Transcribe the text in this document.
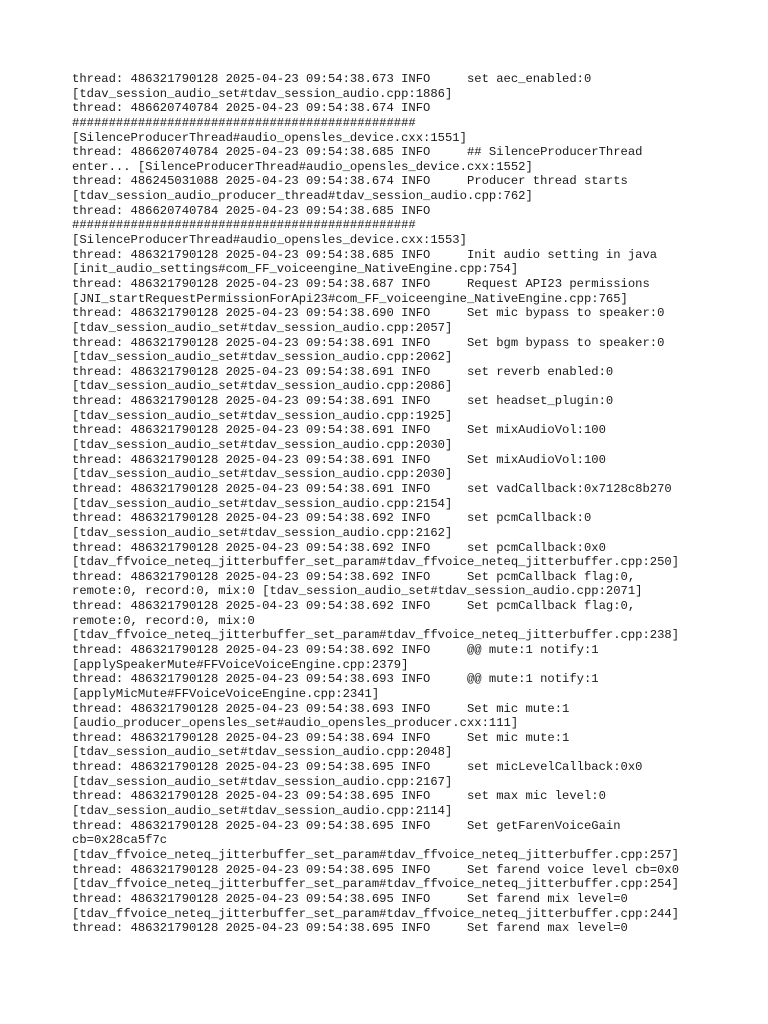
thread: 486321790128 2025-04-23 09:54:38.673 INFO     set aec_enabled:0
[tdav_session_audio_set#tdav_session_audio.cpp:1886]
thread: 486620740784 2025-04-23 09:54:38.674 INFO
###############################################
[SilenceProducerThread#audio_opensles_device.cxx:1551]
thread: 486620740784 2025-04-23 09:54:38.685 INFO     ## SilenceProducerThread
enter... [SilenceProducerThread#audio_opensles_device.cxx:1552]
thread: 486245031088 2025-04-23 09:54:38.674 INFO     Producer thread starts
[tdav_session_audio_producer_thread#tdav_session_audio.cpp:762]
thread: 486620740784 2025-04-23 09:54:38.685 INFO
###############################################
[SilenceProducerThread#audio_opensles_device.cxx:1553]
thread: 486321790128 2025-04-23 09:54:38.685 INFO     Init audio setting in java
[init_audio_settings#com_FF_voiceengine_NativeEngine.cpp:754]
thread: 486321790128 2025-04-23 09:54:38.687 INFO     Request API23 permissions
[JNI_startRequestPermissionForApi23#com_FF_voiceengine_NativeEngine.cpp:765]
thread: 486321790128 2025-04-23 09:54:38.690 INFO     Set mic bypass to speaker:0
[tdav_session_audio_set#tdav_session_audio.cpp:2057]
thread: 486321790128 2025-04-23 09:54:38.691 INFO     Set bgm bypass to speaker:0
[tdav_session_audio_set#tdav_session_audio.cpp:2062]
thread: 486321790128 2025-04-23 09:54:38.691 INFO     set reverb enabled:0
[tdav_session_audio_set#tdav_session_audio.cpp:2086]
thread: 486321790128 2025-04-23 09:54:38.691 INFO     set headset_plugin:0
[tdav_session_audio_set#tdav_session_audio.cpp:1925]
thread: 486321790128 2025-04-23 09:54:38.691 INFO     Set mixAudioVol:100
[tdav_session_audio_set#tdav_session_audio.cpp:2030]
thread: 486321790128 2025-04-23 09:54:38.691 INFO     Set mixAudioVol:100
[tdav_session_audio_set#tdav_session_audio.cpp:2030]
thread: 486321790128 2025-04-23 09:54:38.691 INFO     set vadCallback:0x7128c8b270
[tdav_session_audio_set#tdav_session_audio.cpp:2154]
thread: 486321790128 2025-04-23 09:54:38.692 INFO     set pcmCallback:0
[tdav_session_audio_set#tdav_session_audio.cpp:2162]
thread: 486321790128 2025-04-23 09:54:38.692 INFO     set pcmCallback:0x0
[tdav_ffvoice_neteq_jitterbuffer_set_param#tdav_ffvoice_neteq_jitterbuffer.cpp:250]
thread: 486321790128 2025-04-23 09:54:38.692 INFO     Set pcmCallback flag:0,
remote:0, record:0, mix:0 [tdav_session_audio_set#tdav_session_audio.cpp:2071]
thread: 486321790128 2025-04-23 09:54:38.692 INFO     Set pcmCallback flag:0,
remote:0, record:0, mix:0
[tdav_ffvoice_neteq_jitterbuffer_set_param#tdav_ffvoice_neteq_jitterbuffer.cpp:238]
thread: 486321790128 2025-04-23 09:54:38.692 INFO     @@ mute:1 notify:1
[applySpeakerMute#FFVoiceVoiceEngine.cpp:2379]
thread: 486321790128 2025-04-23 09:54:38.693 INFO     @@ mute:1 notify:1
[applyMicMute#FFVoiceVoiceEngine.cpp:2341]
thread: 486321790128 2025-04-23 09:54:38.693 INFO     Set mic mute:1
[audio_producer_opensles_set#audio_opensles_producer.cxx:111]
thread: 486321790128 2025-04-23 09:54:38.694 INFO     Set mic mute:1
[tdav_session_audio_set#tdav_session_audio.cpp:2048]
thread: 486321790128 2025-04-23 09:54:38.695 INFO     set micLevelCallback:0x0
[tdav_session_audio_set#tdav_session_audio.cpp:2167]
thread: 486321790128 2025-04-23 09:54:38.695 INFO     set max mic level:0
[tdav_session_audio_set#tdav_session_audio.cpp:2114]
thread: 486321790128 2025-04-23 09:54:38.695 INFO     Set getFarenVoiceGain
cb=0x28ca5f7c
[tdav_ffvoice_neteq_jitterbuffer_set_param#tdav_ffvoice_neteq_jitterbuffer.cpp:257]
thread: 486321790128 2025-04-23 09:54:38.695 INFO     Set farend voice level cb=0x0
[tdav_ffvoice_neteq_jitterbuffer_set_param#tdav_ffvoice_neteq_jitterbuffer.cpp:254]
thread: 486321790128 2025-04-23 09:54:38.695 INFO     Set farend mix level=0
[tdav_ffvoice_neteq_jitterbuffer_set_param#tdav_ffvoice_neteq_jitterbuffer.cpp:244]
thread: 486321790128 2025-04-23 09:54:38.695 INFO     Set farend max level=0
